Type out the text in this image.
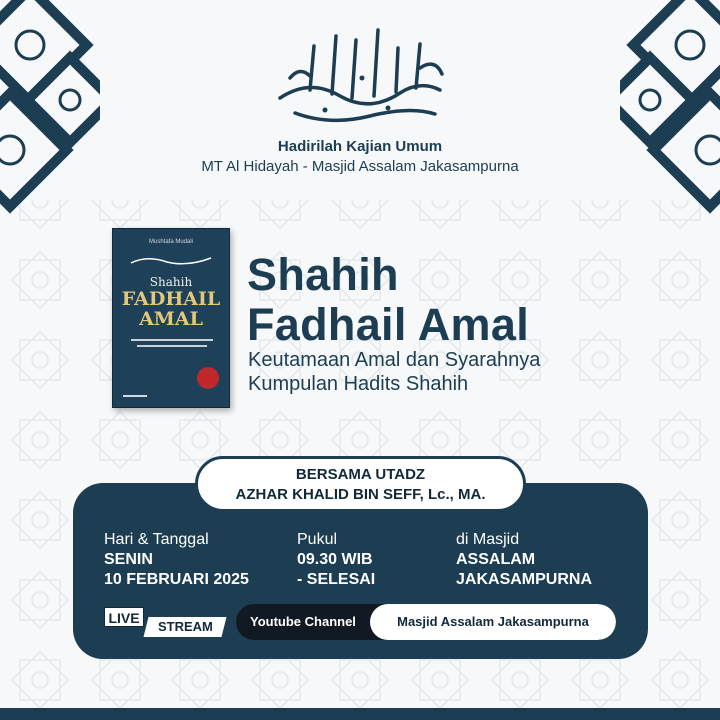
Hadirilah Kajian Umum
MT Al Hidayah - Masjid Assalam Jakasampurna
Mushtafa Mudali
Shahih
FADHAIL
AMAL
Shahih
Fadhail Amal
Keutamaan Amal dan Syarahnya
Kumpulan Hadits Shahih
BERSAMA UTADZ
AZHAR KHALID BIN SEFF, Lc., MA.
Hari & Tanggal
SENIN
10 FEBRUARI 2025
Pukul
09.30 WIB
- SELESAI
di Masjid
ASSALAM
JAKASAMPURNA
LIVE
STREAM	Youtube Channel	Masjid Assalam Jakasampurna
